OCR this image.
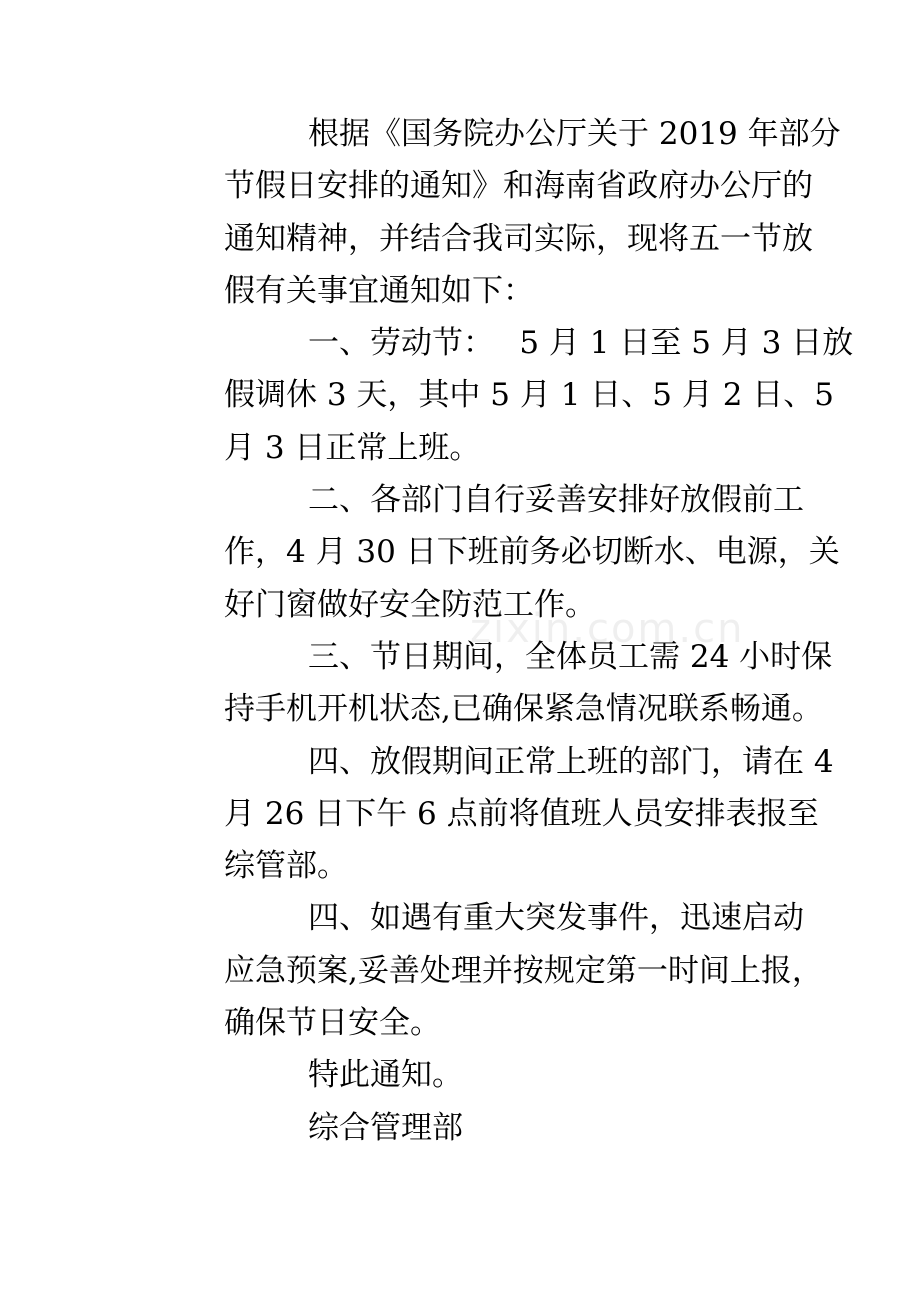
根据《国务院办公厅关于 2019 年部分
节假日安排的通知》和海南省政府办公厅的
通知精神，并结合我司实际，现将五一节放
假有关事宜通知如下：
一、劳动节：　 5 月 1 日至 5 月 3 日放
假调休 3 天，其中 5 月 1 日、5 月 2 日、5
月 3 日正常上班。
二、各部门自行妥善安排好放假前工
作，4 月 30 日下班前务必切断水、电源，关
好门窗做好安全防范工作。
三、节日期间，全体员工需 24 小时保
持手机开机状态,已确保紧急情况联系畅通。
四、放假期间正常上班的部门，请在 4
月 26 日下午 6 点前将值班人员安排表报至
综管部。
四、如遇有重大突发事件，迅速启动
应急预案,妥善处理并按规定第一时间上报，
确保节日安全。
特此通知。
综合管理部
zixin.com.cn
